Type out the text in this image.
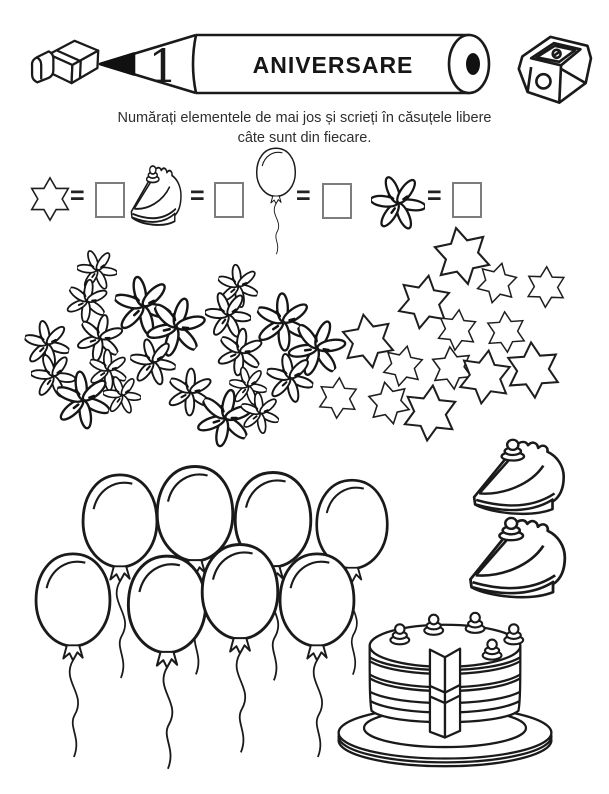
1	ANIVERSARE
Numărați elementele de mai jos și scrieți în căsuțele libere
câte sunt din fiecare.
=	=	=	=
